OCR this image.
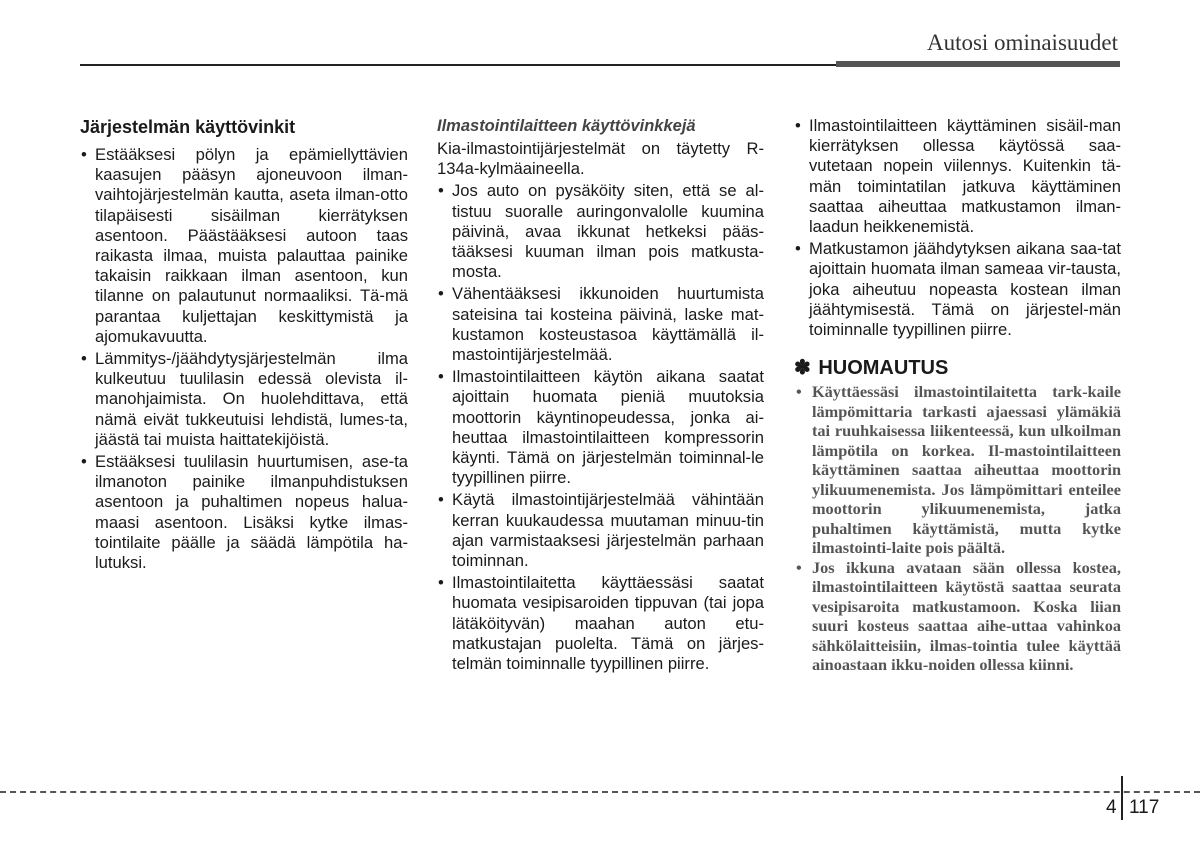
Autosi ominaisuudet
Järjestelmän käyttövinkit
• Estääksesi pölyn ja epämiellyttävien kaasujen pääsyn ajoneuvoon ilman-vaihtojärjestelmän kautta, aseta ilman-otto tilapäisesti sisäilman kierrätyksen asentoon. Päästääksesi autoon taas raikasta ilmaa, muista palauttaa painike takaisin raikkaan ilman asentoon, kun tilanne on palautunut normaaliksi. Tä-mä parantaa kuljettajan keskittymistä ja ajomukavuutta.
• Lämmitys-/jäähdytysjärjestelmän ilma kulkeutuu tuulilasin edessä olevista il-manohjaimista. On huolehdittava, että nämä eivät tukkeutuisi lehdistä, lumes-ta, jäästä tai muista haittatekijöistä.
• Estääksesi tuulilasin huurtumisen, ase-ta ilmanoton painike ilmanpuhdistuksen asentoon ja puhaltimen nopeus halua-maasi asentoon. Lisäksi kytke ilmas-tointilaite päälle ja säädä lämpötila ha-lutuksi.
Ilmastointilaitteen käyttövinkkejä

Kia-ilmastointijärjestelmät on täytetty R-134a-kylmäaineella.

• Jos auto on pysäköity siten, että se al-tistuu suoralle auringonvalolle kuumina päivinä, avaa ikkunat hetkeksi pääs-tääksesi kuuman ilman pois matkusta-mosta.
• Vähentääksesi ikkunoiden huurtumista sateisina tai kosteina päivinä, laske mat-kustamon kosteustasoa käyttämällä il-mastointijärjestelmää.
• Ilmastointilaitteen käytön aikana saatat ajoittain huomata pieniä muutoksia moottorin käyntinopeudessa, jonka ai-heuttaa ilmastointilaitteen kompressorin käynti. Tämä on järjestelmän toiminnal-le tyypillinen piirre.
• Käytä ilmastointijärjestelmää vähintään kerran kuukaudessa muutaman minuu-tin ajan varmistaaksesi järjestelmän parhaan toiminnan.
• Ilmastointilaitetta käyttäessäsi saatat huomata vesipisaroiden tippuvan (tai jopa lätäköityvän) maahan auton etu-matkustajan puolelta. Tämä on järjes-telmän toiminnalle tyypillinen piirre.
• Ilmastointilaitteen käyttäminen sisäil-man kierrätyksen ollessa käytössä saa-vutetaan nopein viilennys. Kuitenkin tä-män toimintatilan jatkuva käyttäminen saattaa aiheuttaa matkustamon ilman-laadun heikkenemistä.
• Matkustamon jäähdytyksen aikana saa-tat ajoittain huomata ilman sameaa vir-tausta, joka aiheutuu nopeasta kostean ilman jäähtymisestä. Tämä on järjestel-män toiminnalle tyypillinen piirre.
✽ HUOMAUTUS
• Käyttäessäsi ilmastointilaitetta tark-kaile lämpömittaria tarkasti ajaessasi ylämäkiä tai ruuhkaisessa liikenteessä, kun ulkoilman lämpötila on korkea. Il-mastointilaitteen käyttäminen saattaa aiheuttaa moottorin ylikuumenemista. Jos lämpömittari enteilee moottorin ylikuumenemista, jatka puhaltimen käyttämistä, mutta kytke ilmastointi-laite pois päältä.
• Jos ikkuna avataan sään ollessa kostea, ilmastointilaitteen käytöstä saattaa seurata vesipisaroita matkustamoon. Koska liian suuri kosteus saattaa aihe-uttaa vahinkoa sähkölaitteisiin, ilmas-tointia tulee käyttää ainoastaan ikku-noiden ollessa kiinni.
4 117
